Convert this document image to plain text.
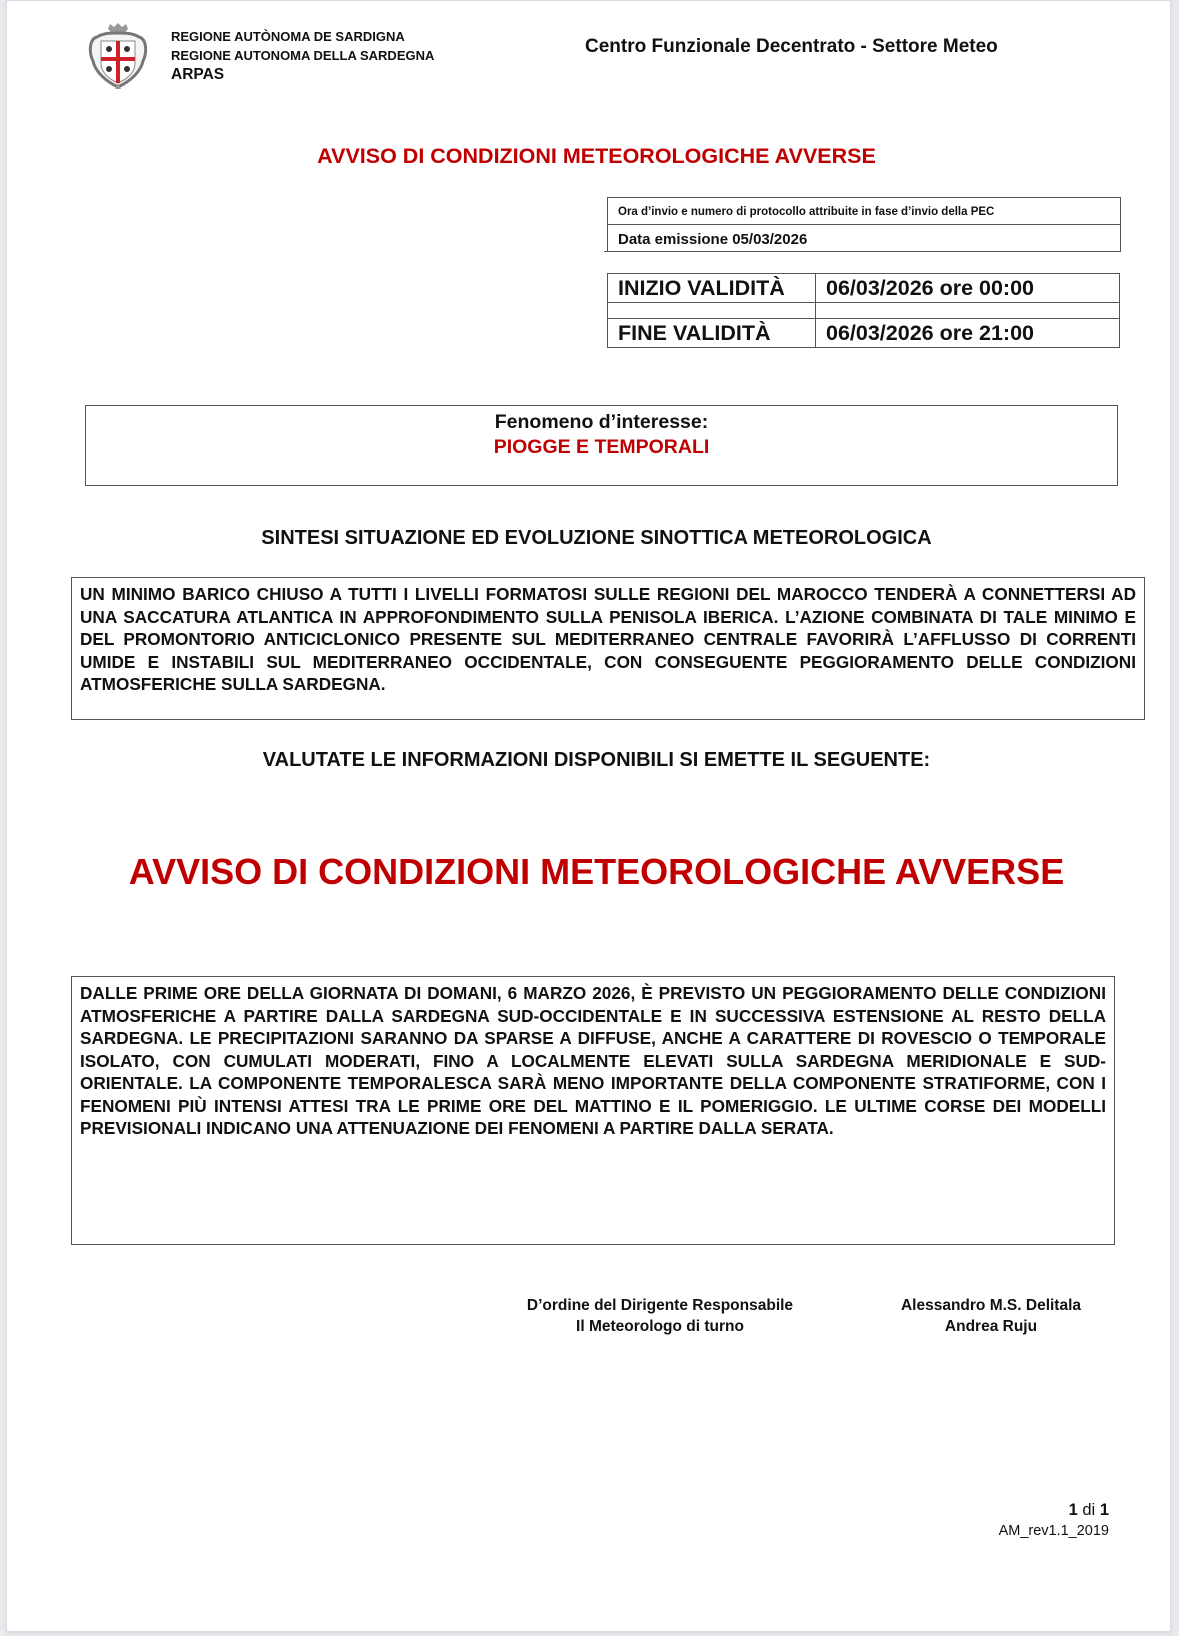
REGIONE AUTÒNOMA DE SARDIGNA
REGIONE AUTONOMA DELLA SARDEGNA
ARPAS
Centro Funzionale Decentrato - Settore Meteo
AVVISO DI CONDIZIONI METEOROLOGICHE AVVERSE
Ora d’invio e numero di protocollo attribuite in fase d’invio della PEC
Data emissione 05/03/2026
INIZIO VALIDITÀ	06/03/2026 ore 00:00

FINE VALIDITÀ	06/03/2026 ore 21:00
Fenomeno d’interesse:
PIOGGE E TEMPORALI
SINTESI SITUAZIONE ED EVOLUZIONE SINOTTICA METEOROLOGICA
UN MINIMO BARICO CHIUSO A TUTTI I LIVELLI FORMATOSI SULLE REGIONI DEL MAROCCO TENDERÀ A CONNETTERSI AD UNA SACCATURA ATLANTICA IN APPROFONDIMENTO SULLA PENISOLA IBERICA. L’AZIONE COMBINATA DI TALE MINIMO E DEL PROMONTORIO ANTICICLONICO PRESENTE SUL MEDITERRANEO CENTRALE FAVORIRÀ L’AFFLUSSO DI CORRENTI UMIDE E INSTABILI SUL MEDITERRANEO OCCIDENTALE, CON CONSEGUENTE PEGGIORAMENTO DELLE CONDIZIONI ATMOSFERICHE SULLA SARDEGNA.
VALUTATE LE INFORMAZIONI DISPONIBILI SI EMETTE IL SEGUENTE:
AVVISO DI CONDIZIONI METEOROLOGICHE AVVERSE
DALLE PRIME ORE DELLA GIORNATA DI DOMANI, 6 MARZO 2026, È PREVISTO UN PEGGIORAMENTO DELLE CONDIZIONI ATMOSFERICHE A PARTIRE DALLA SARDEGNA SUD-OCCIDENTALE E IN SUCCESSIVA ESTENSIONE AL RESTO DELLA SARDEGNA. LE PRECIPITAZIONI SARANNO DA SPARSE A DIFFUSE, ANCHE A CARATTERE DI ROVESCIO O TEMPORALE ISOLATO, CON CUMULATI MODERATI, FINO A LOCALMENTE ELEVATI SULLA SARDEGNA MERIDIONALE E SUD-ORIENTALE. LA COMPONENTE TEMPORALESCA SARÀ MENO IMPORTANTE DELLA COMPONENTE STRATIFORME, CON I FENOMENI PIÙ INTENSI ATTESI TRA LE PRIME ORE DEL MATTINO E IL POMERIGGIO. LE ULTIME CORSE DEI MODELLI PREVISIONALI INDICANO UNA ATTENUAZIONE DEI FENOMENI A PARTIRE DALLA SERATA.
D’ordine del Dirigente Responsabile
Il Meteorologo di turno
Alessandro M.S. Delitala
Andrea Ruju
1 di 1
AM_rev1.1_2019
